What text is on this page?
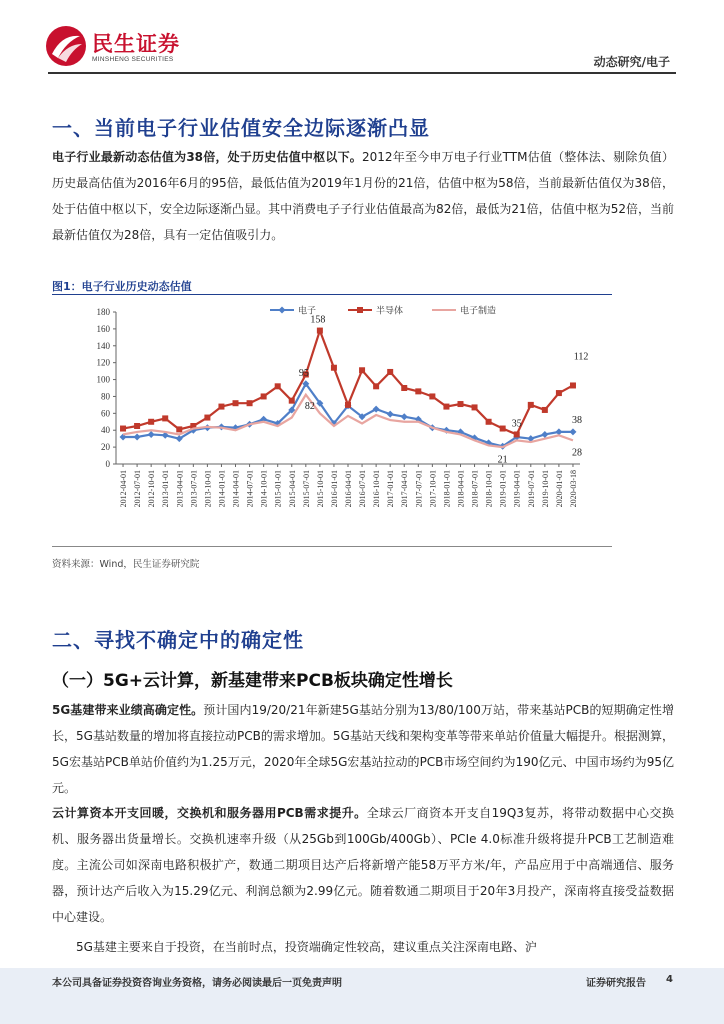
民生证券
MINSHENG SECURITIES	动态研究/电子
一、当前电子行业估值安全边际逐渐凸显
电子行业最新动态估值为38倍，处于历史估值中枢以下。2012年至今申万电子行业TTM估值（整体法、剔除负值）历史最高估值为2016年6月的95倍，最低估值为2019年1月份的21倍，估值中枢为58倍，当前最新估值仅为38倍，处于估值中枢以下，安全边际逐渐凸显。其中消费电子子行业估值最高为82倍，最低为21倍，估值中枢为52倍，当前最新估值仅为28倍，具有一定估值吸引力。
图1：电子行业历史动态估值
0
20
40
60
80
100
120
140
160
180
2012-04-01 2012-07-01 2012-10-01 2013-01-01 2013-04-01 2013-07-01 2013-10-01 2014-01-01 2014-04-01 2014-07-01 2014-10-01 2015-01-01 2015-04-01 2015-07-01 2015-10-01 2016-01-01 2016-04-01 2016-07-01 2016-10-01 2017-01-01 2017-04-01 2017-07-01 2017-10-01 2018-01-01 2018-04-01 2018-07-01 2018-10-01 2019-01-01 2019-04-01 2019-07-01 2019-10-01 2020-01-01 2020-03-18
电子	半导体	电子制造
158
95
82
112
35
21
38
28
资料来源：Wind，民生证券研究院
二、寻找不确定中的确定性
（一）5G+云计算，新基建带来PCB板块确定性增长
5G基建带来业绩高确定性。预计国内19/20/21年新建5G基站分别为13/80/100万站，带来基站PCB的短期确定性增长，5G基站数量的增加将直接拉动PCB的需求增加。5G基站天线和架构变革等带来单站价值量大幅提升。根据测算，5G宏基站PCB单站价值约为1.25万元，2020年全球5G宏基站拉动的PCB市场空间约为190亿元、中国市场约为95亿元。
云计算资本开支回暖，交换机和服务器用PCB需求提升。全球云厂商资本开支自19Q3复苏，将带动数据中心交换机、服务器出货量增长。交换机速率升级（从25Gb到100Gb/400Gb）、PCIe 4.0标准升级将提升PCB工艺制造难度。主流公司如深南电路积极扩产，数通二期项目达产后将新增产能58万平方米/年，产品应用于中高端通信、服务器，预计达产后收入为15.29亿元、利润总额为2.99亿元。随着数通二期项目于20年3月投产，深南将直接受益数据中心建设。
5G基建主要来自于投资，在当前时点，投资端确定性较高，建议重点关注深南电路、沪
本公司具备证券投资咨询业务资格，请务必阅读最后一页免责声明	证券研究报告 4
